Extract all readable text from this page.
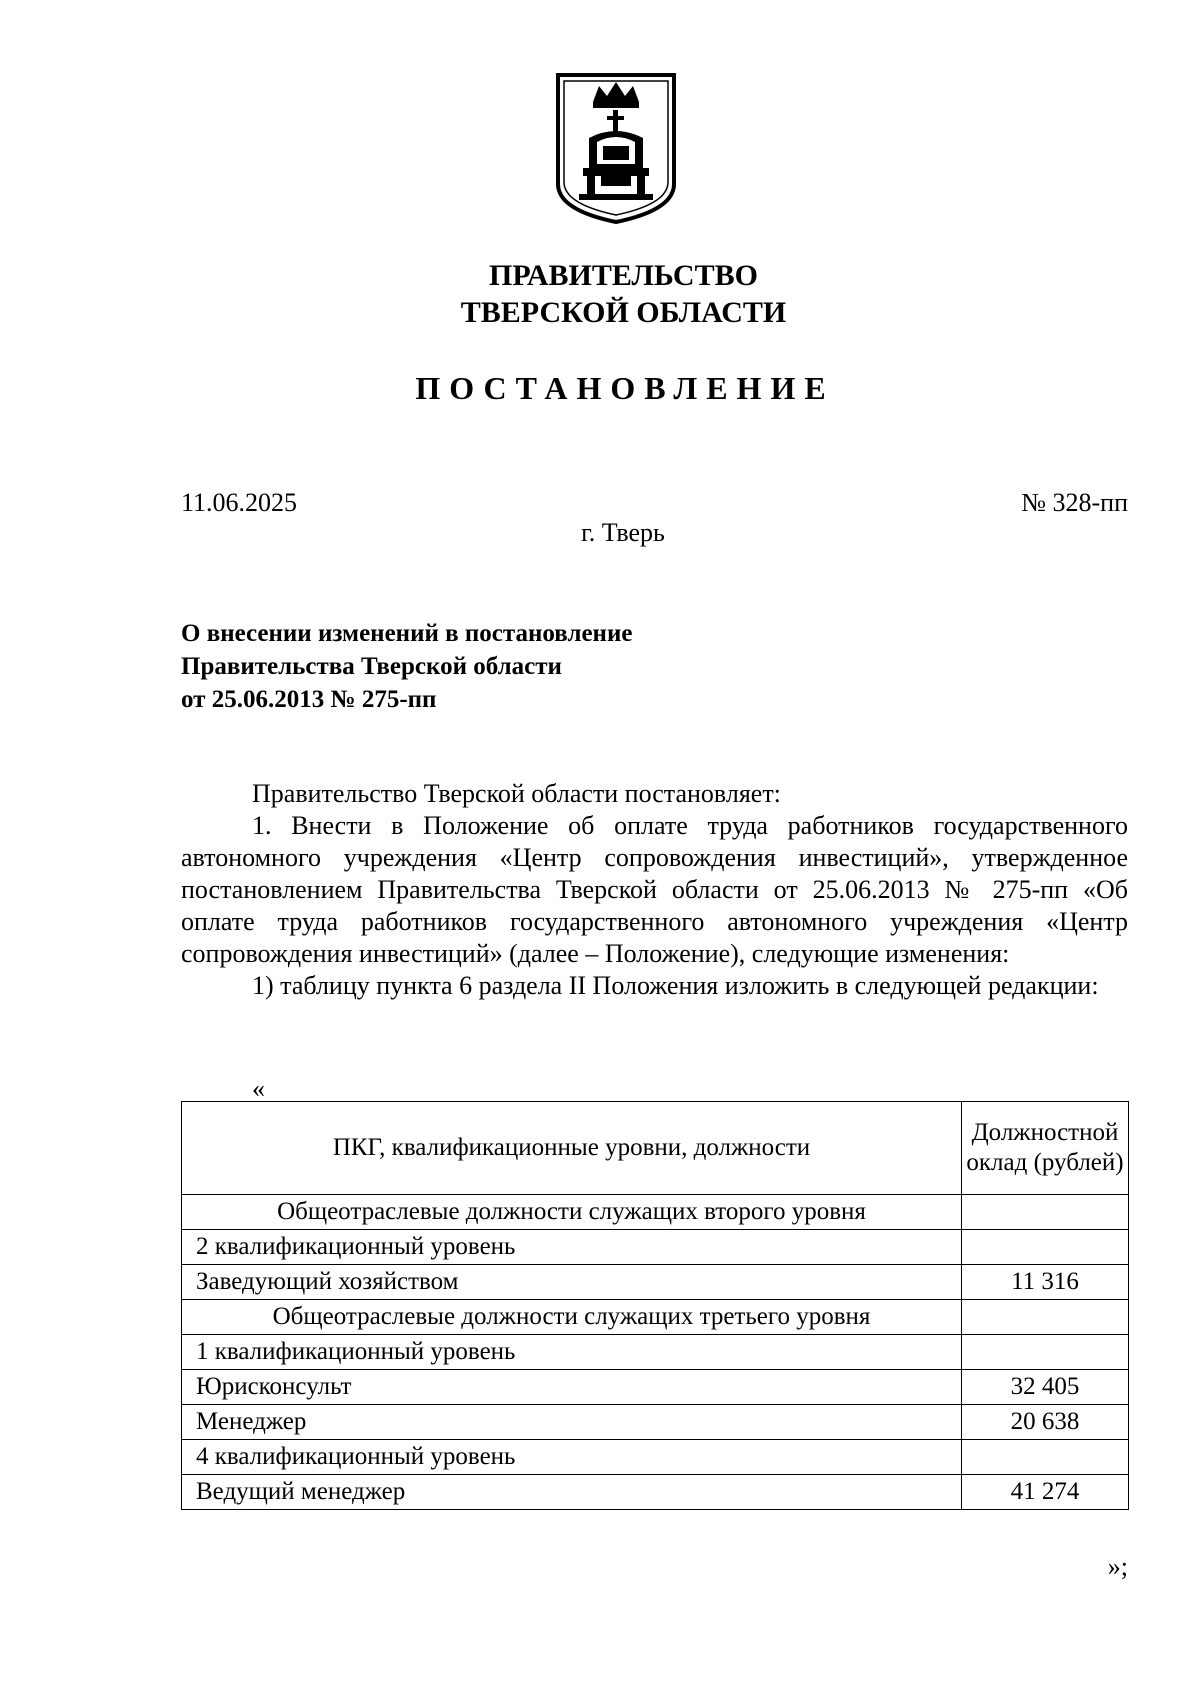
ПРАВИТЕЛЬСТВО
ТВЕРСКОЙ ОБЛАСТИ
ПОСТАНОВЛЕНИЕ
11.06.2025	№ 328-пп
г. Тверь
О внесении изменений в постановление
Правительства Тверской области
от 25.06.2013 № 275-пп
Правительство Тверской области постановляет:
1. Внести в Положение об оплате труда работников государственного автономного учреждения «Центр сопровождения инвестиций», утвержденное постановлением Правительства Тверской области от 25.06.2013 № 275-пп «Об оплате труда работников государственного автономного учреждения «Центр сопровождения инвестиций» (далее – Положение), следующие изменения:
1) таблицу пункта 6 раздела II Положения изложить в следующей редакции:
«
ПКГ, квалификационные уровни, должности	Должностной оклад (рублей)
Общеотраслевые должности служащих второго уровня	
2 квалификационный уровень	
Заведующий хозяйством	11 316
Общеотраслевые должности служащих третьего уровня	
1 квалификационный уровень	
Юрисконсульт	32 405
Менеджер	20 638
4 квалификационный уровень	
Ведущий менеджер	41 274
»;
